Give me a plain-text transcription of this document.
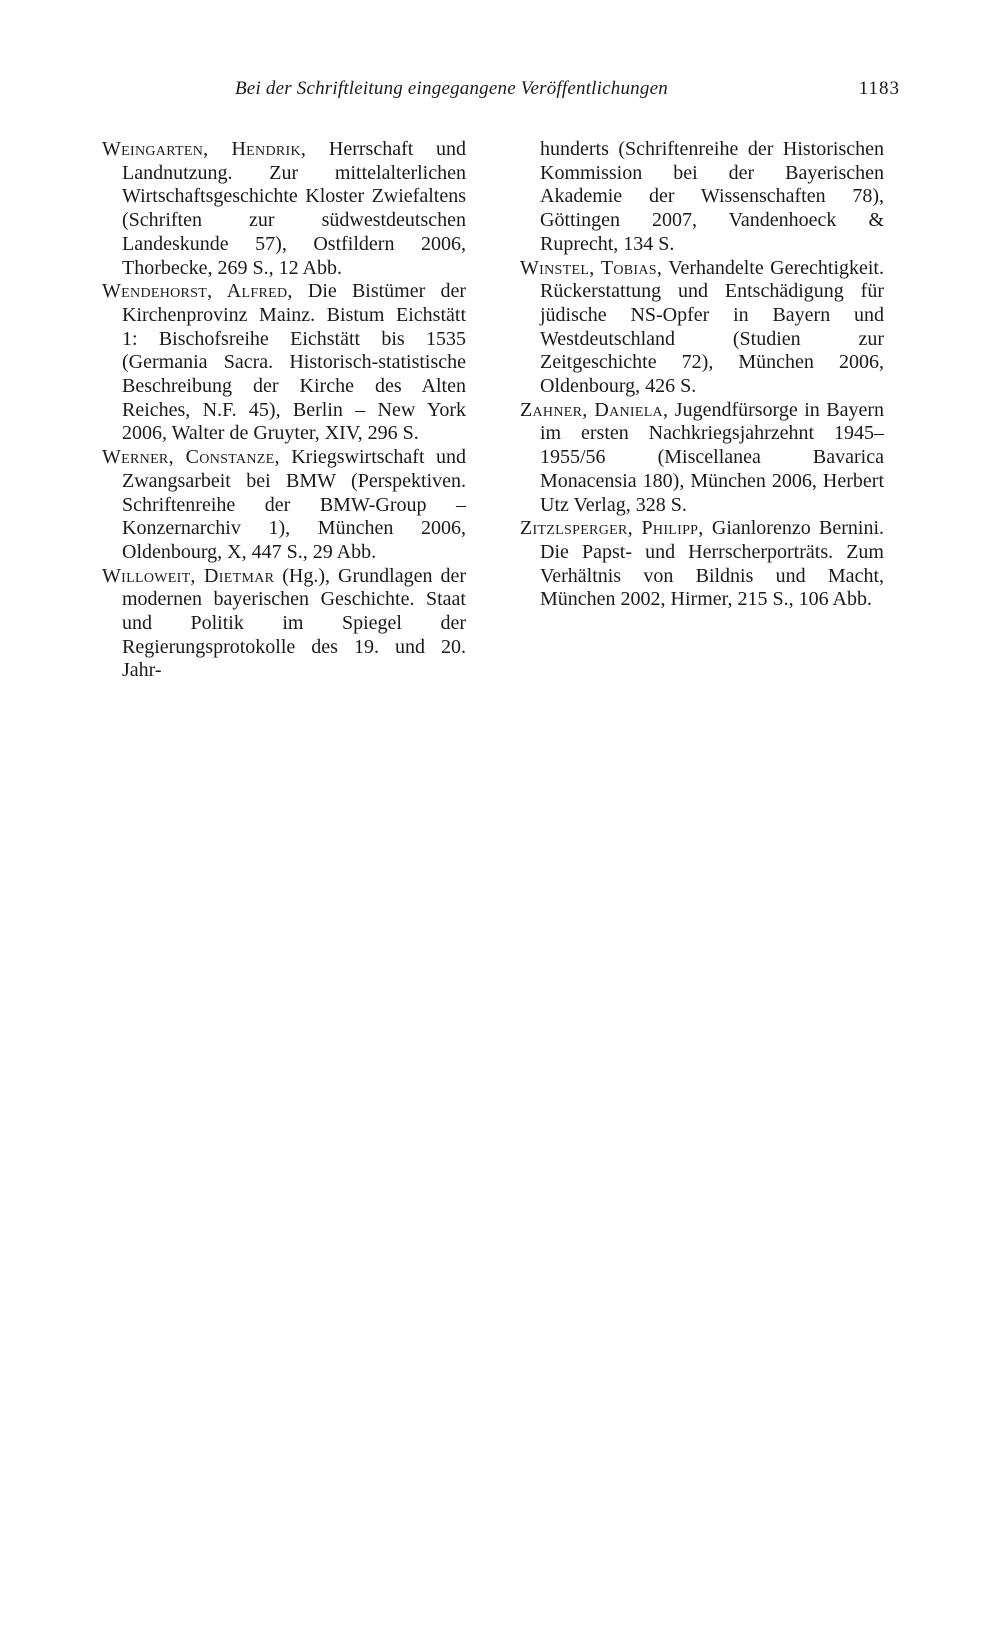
Bei der Schriftleitung eingegangene Veröffentlichungen	1183

Weingarten, Hendrik, Herrschaft und Landnutzung. Zur mittelalterlichen Wirtschaftsgeschichte Kloster Zwiefaltens (Schriften zur südwestdeutschen Landeskunde 57), Ostfildern 2006, Thorbecke, 269 S., 12 Abb.

Wendehorst, Alfred, Die Bistümer der Kirchenprovinz Mainz. Bistum Eichstätt 1: Bischofsreihe Eichstätt bis 1535 (Germania Sacra. Historisch-statistische Beschreibung der Kirche des Alten Reiches, N.F. 45), Berlin – New York 2006, Walter de Gruyter, XIV, 296 S.

Werner, Constanze, Kriegswirtschaft und Zwangsarbeit bei BMW (Perspektiven. Schriftenreihe der BMW-Group – Konzernarchiv 1), München 2006, Oldenbourg, X, 447 S., 29 Abb.

Willoweit, Dietmar (Hg.), Grundlagen der modernen bayerischen Geschichte. Staat und Politik im Spiegel der Regierungsprotokolle des 19. und 20. Jahr-

hunderts (Schriftenreihe der Historischen Kommission bei der Bayerischen Akademie der Wissenschaften 78), Göttingen 2007, Vandenhoeck & Ruprecht, 134 S.

Winstel, Tobias, Verhandelte Gerechtigkeit. Rückerstattung und Entschädigung für jüdische NS-Opfer in Bayern und Westdeutschland (Studien zur Zeitgeschichte 72), München 2006, Oldenbourg, 426 S.

Zahner, Daniela, Jugendfürsorge in Bayern im ersten Nachkriegsjahrzehnt 1945–1955/56 (Miscellanea Bavarica Monacensia 180), München 2006, Herbert Utz Verlag, 328 S.

Zitzlsperger, Philipp, Gianlorenzo Bernini. Die Papst- und Herrscherporträts. Zum Verhältnis von Bildnis und Macht, München 2002, Hirmer, 215 S., 106 Abb.
